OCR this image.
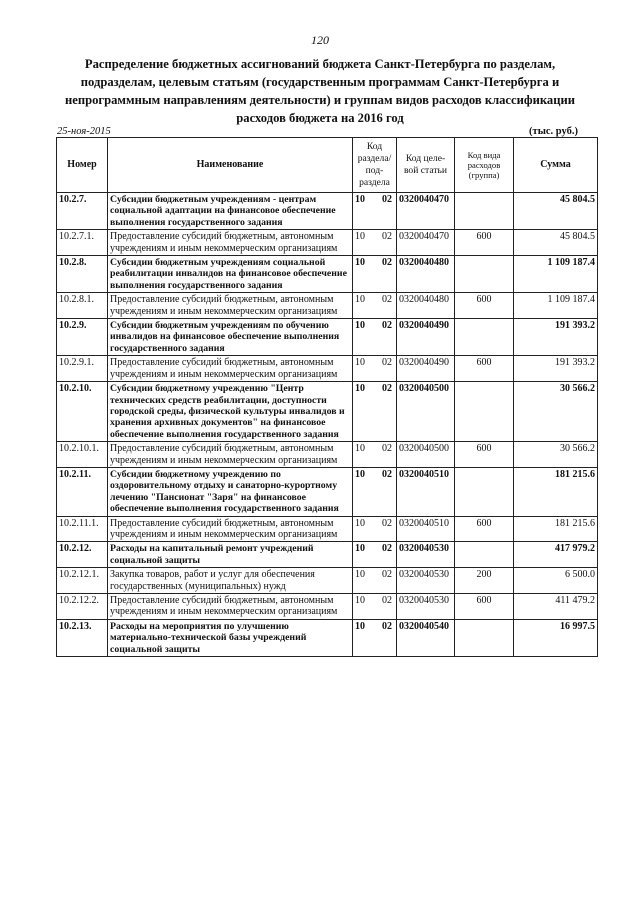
120
Распределение бюджетных ассигнований бюджета Санкт-Петербурга по разделам, подразделам, целевым статьям (государственным программам Санкт-Петербурга и непрограммным направлениям деятельности) и группам видов расходов классификации расходов бюджета на 2016 год
25-ноя-2015	(тыс. руб.)
Номер	Наименование	Код раздела/ под- раздела	Код целе- вой статьи	Код вида расходов (группа)	Сумма
10.2.7.	Субсидии бюджетным учреждениям - центрам социальной адаптации на финансовое обеспечение выполнения государственного задания	10 02	0320040470		45 804.5
10.2.7.1.	Предоставление субсидий бюджетным, автономным учреждениям и иным некоммерческим организациям	10 02	0320040470	600	45 804.5
10.2.8.	Субсидии бюджетным учреждениям социальной реабилитации инвалидов на финансовое обеспечение выполнения государственного задания	10 02	0320040480		1 109 187.4
10.2.8.1.	Предоставление субсидий бюджетным, автономным учреждениям и иным некоммерческим организациям	10 02	0320040480	600	1 109 187.4
10.2.9.	Субсидии бюджетным учреждениям по обучению инвалидов на финансовое обеспечение выполнения государственного задания	10 02	0320040490		191 393.2
10.2.9.1.	Предоставление субсидий бюджетным, автономным учреждениям и иным некоммерческим организациям	10 02	0320040490	600	191 393.2
10.2.10.	Субсидии бюджетному учреждению "Центр технических средств реабилитации, доступности городской среды, физической культуры инвалидов и хранения архивных документов" на финансовое обеспечение выполнения государственного задания	10 02	0320040500		30 566.2
10.2.10.1.	Предоставление субсидий бюджетным, автономным учреждениям и иным некоммерческим организациям	10 02	0320040500	600	30 566.2
10.2.11.	Субсидии бюджетному учреждению по оздоровительному отдыху и санаторно-курортному лечению "Пансионат "Заря" на финансовое обеспечение выполнения государственного задания	10 02	0320040510		181 215.6
10.2.11.1.	Предоставление субсидий бюджетным, автономным учреждениям и иным некоммерческим организациям	10 02	0320040510	600	181 215.6
10.2.12.	Расходы на капитальный ремонт учреждений социальной защиты	10 02	0320040530		417 979.2
10.2.12.1.	Закупка товаров, работ и услуг для обеспечения государственных (муниципальных) нужд	10 02	0320040530	200	6 500.0
10.2.12.2.	Предоставление субсидий бюджетным, автономным учреждениям и иным некоммерческим организациям	10 02	0320040530	600	411 479.2
10.2.13.	Расходы на мероприятия по улучшению материально-технической базы учреждений социальной защиты	10 02	0320040540		16 997.5
